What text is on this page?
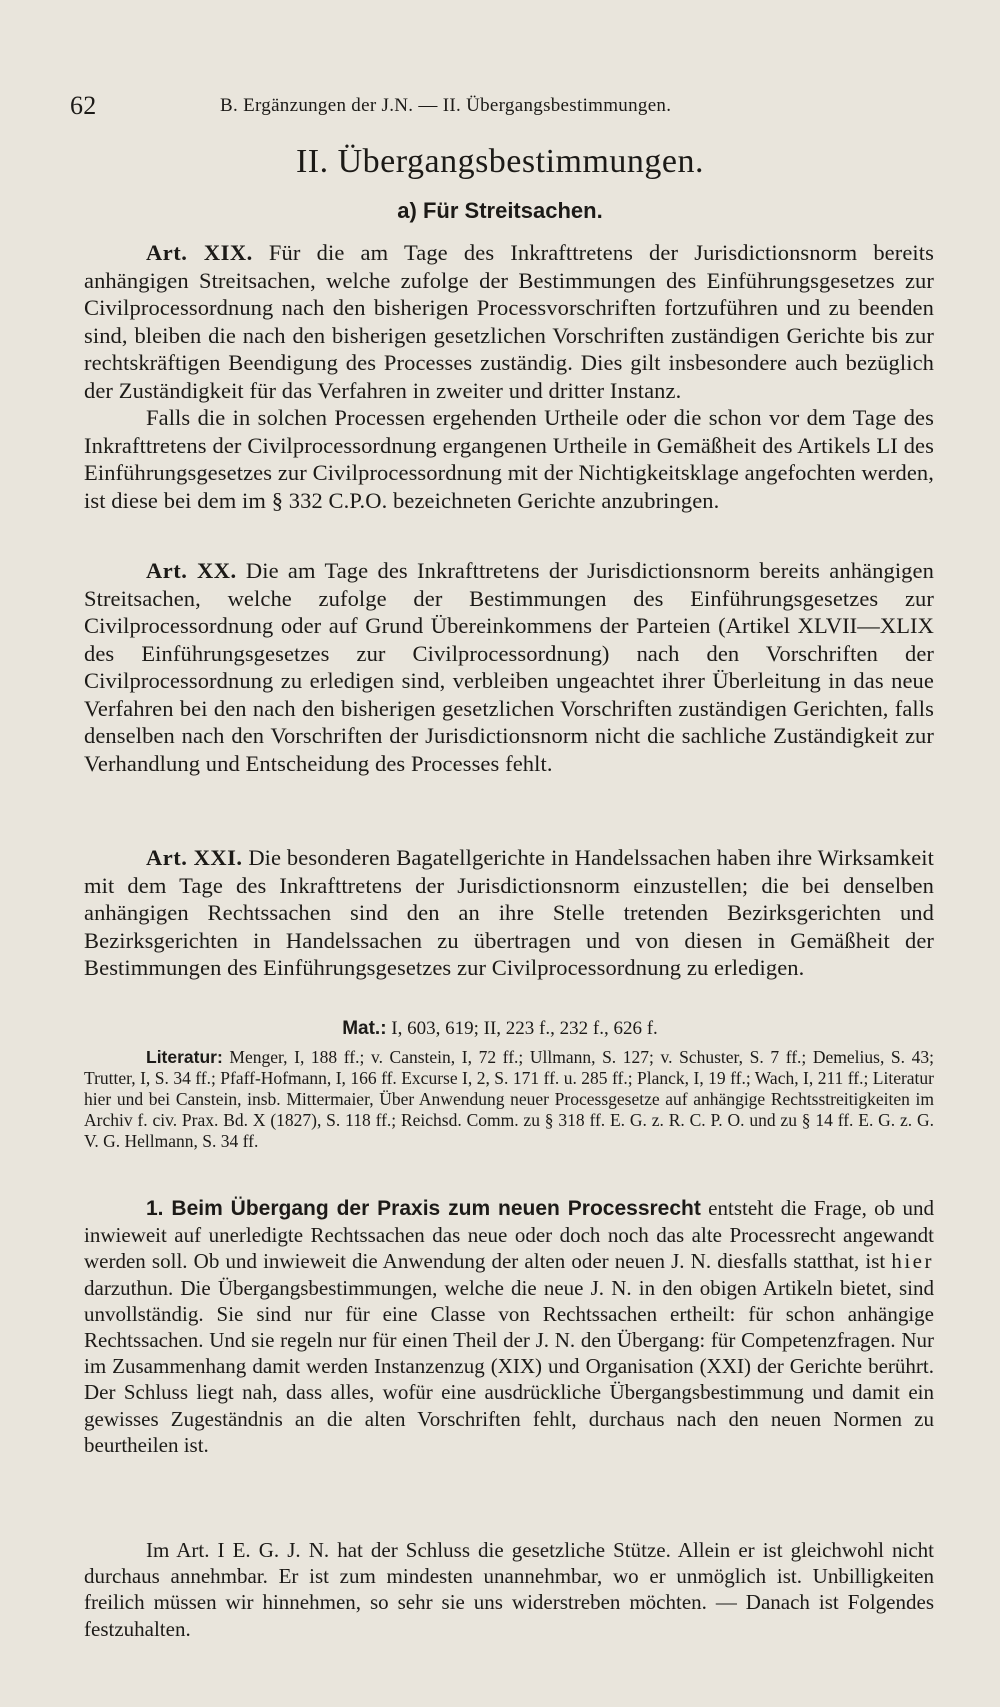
62	B. Ergänzungen der J.N. — II. Übergangsbestimmungen.
II. Übergangsbestimmungen.
a) Für Streitsachen.

Art. XIX. Für die am Tage des Inkrafttretens der Jurisdictionsnorm bereits anhängigen Streitsachen, welche zufolge der Bestimmungen des Einführungsgesetzes zur Civilprocessordnung nach den bisherigen Processvorschriften fortzuführen und zu beenden sind, bleiben die nach den bisherigen gesetzlichen Vorschriften zuständigen Gerichte bis zur rechtskräftigen Beendigung des Processes zuständig. Dies gilt insbesondere auch bezüglich der Zuständigkeit für das Verfahren in zweiter und dritter Instanz.

Falls die in solchen Processen ergehenden Urtheile oder die schon vor dem Tage des Inkrafttretens der Civilprocessordnung ergangenen Urtheile in Gemäßheit des Artikels LI des Einführungsgesetzes zur Civilprocessordnung mit der Nichtigkeitsklage angefochten werden, ist diese bei dem im § 332 C.P.O. bezeichneten Gerichte anzubringen.

Art. XX. Die am Tage des Inkrafttretens der Jurisdictionsnorm bereits anhängigen Streitsachen, welche zufolge der Bestimmungen des Einführungsgesetzes zur Civilprocessordnung oder auf Grund Übereinkommens der Parteien (Artikel XLVII—XLIX des Einführungsgesetzes zur Civilprocessordnung) nach den Vorschriften der Civilprocessordnung zu erledigen sind, verbleiben ungeachtet ihrer Überleitung in das neue Verfahren bei den nach den bisherigen gesetzlichen Vorschriften zuständigen Gerichten, falls denselben nach den Vorschriften der Jurisdictionsnorm nicht die sachliche Zuständigkeit zur Verhandlung und Entscheidung des Processes fehlt.

Art. XXI. Die besonderen Bagatellgerichte in Handelssachen haben ihre Wirksamkeit mit dem Tage des Inkrafttretens der Jurisdictionsnorm einzustellen; die bei denselben anhängigen Rechtssachen sind den an ihre Stelle tretenden Bezirksgerichten und Bezirksgerichten in Handelssachen zu übertragen und von diesen in Gemäßheit der Bestimmungen des Einführungsgesetzes zur Civilprocessordnung zu erledigen.

Mat.: I, 603, 619; II, 223 f., 232 f., 626 f.

Literatur: Menger, I, 188 ff.; v. Canstein, I, 72 ff.; Ullmann, S. 127; v. Schuster, S. 7 ff.; Demelius, S. 43; Trutter, I, S. 34 ff.; Pfaff-Hofmann, I, 166 ff. Excurse I, 2, S. 171 ff. u. 285 ff.; Planck, I, 19 ff.; Wach, I, 211 ff.; Literatur hier und bei Canstein, insb. Mittermaier, Über Anwendung neuer Processgesetze auf anhängige Rechtsstreitigkeiten im Archiv f. civ. Prax. Bd. X (1827), S. 118 ff.; Reichsd. Comm. zu § 318 ff. E. G. z. R. C. P. O. und zu § 14 ff. E. G. z. G. V. G. Hellmann, S. 34 ff.

1. Beim Übergang der Praxis zum neuen Processrecht entsteht die Frage, ob und inwieweit auf unerledigte Rechtssachen das neue oder doch noch das alte Processrecht angewandt werden soll. Ob und inwieweit die Anwendung der alten oder neuen J. N. diesfalls statthat, ist hier darzuthun. Die Übergangsbestimmungen, welche die neue J. N. in den obigen Artikeln bietet, sind unvollständig. Sie sind nur für eine Classe von Rechtssachen ertheilt: für schon anhängige Rechtssachen. Und sie regeln nur für einen Theil der J. N. den Übergang: für Competenzfragen. Nur im Zusammenhang damit werden Instanzenzug (XIX) und Organisation (XXI) der Gerichte berührt. Der Schluss liegt nah, dass alles, wofür eine ausdrückliche Übergangsbestimmung und damit ein gewisses Zugeständnis an die alten Vorschriften fehlt, durchaus nach den neuen Normen zu beurtheilen ist.

Im Art. I E. G. J. N. hat der Schluss die gesetzliche Stütze. Allein er ist gleichwohl nicht durchaus annehmbar. Er ist zum mindesten unannehmbar, wo er unmöglich ist. Unbilligkeiten freilich müssen wir hinnehmen, so sehr sie uns widerstreben möchten. — Danach ist Folgendes festzuhalten.
